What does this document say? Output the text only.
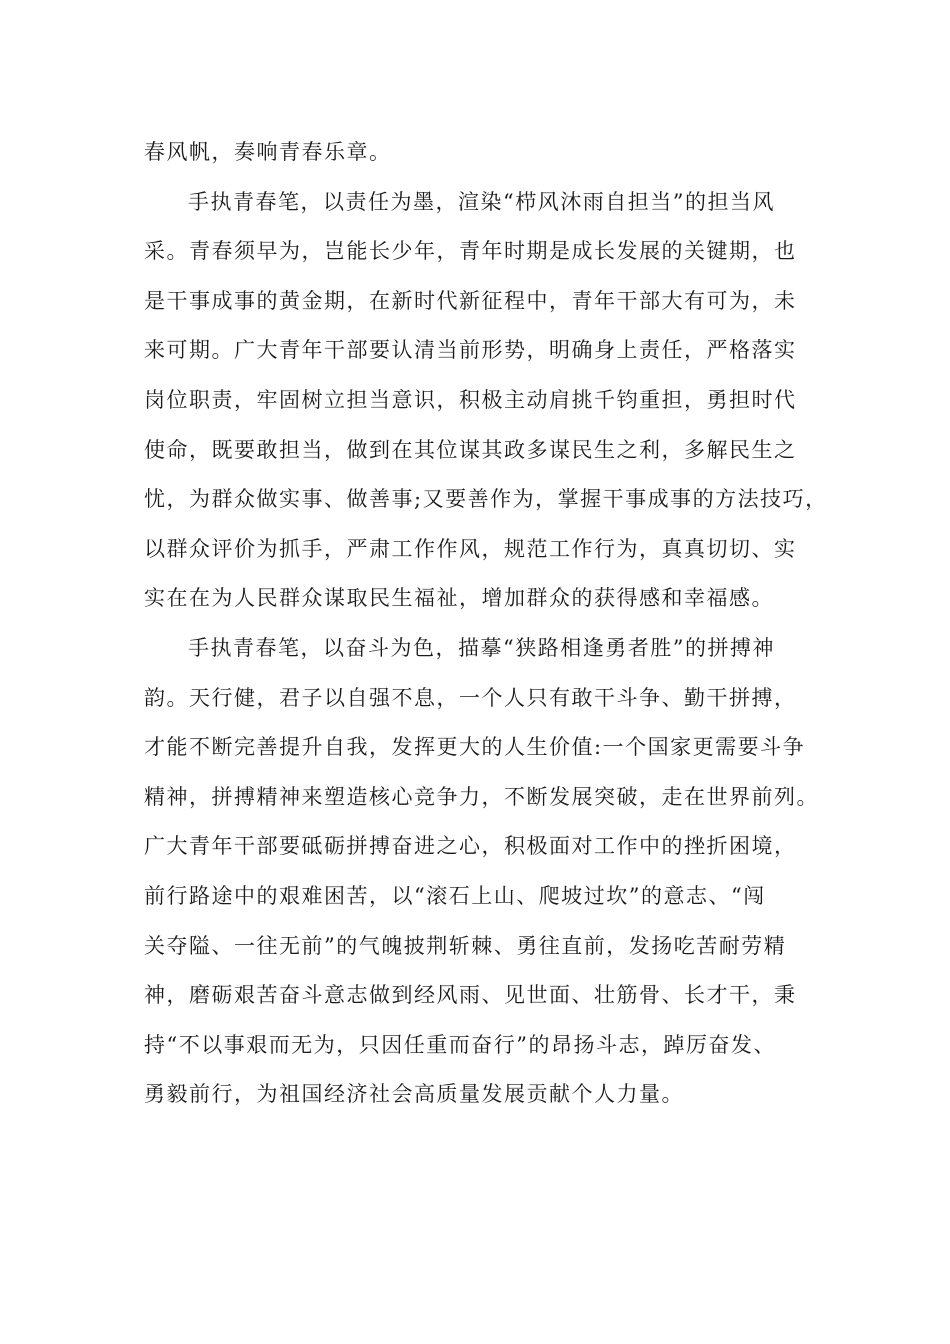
春风帆，奏响青春乐章。
手执青春笔，以责任为墨，渲染“栉风沐雨自担当”的担当风
采。青春须早为，岂能长少年，青年时期是成长发展的关键期，也
是干事成事的黄金期，在新时代新征程中，青年干部大有可为，未
来可期。广大青年干部要认清当前形势，明确身上责任，严格落实
岗位职责，牢固树立担当意识，积极主动肩挑千钧重担，勇担时代
使命，既要敢担当，做到在其位谋其政多谋民生之利，多解民生之
忧，为群众做实事、做善事;又要善作为，掌握干事成事的方法技巧，
以群众评价为抓手，严肃工作作风，规范工作行为，真真切切、实
实在在为人民群众谋取民生福祉，增加群众的获得感和幸福感。
手执青春笔，以奋斗为色，描摹“狭路相逢勇者胜”的拼搏神
韵。天行健，君子以自强不息，一个人只有敢干斗争、勤干拼搏，
才能不断完善提升自我，发挥更大的人生价值:一个国家更需要斗争
精神，拼搏精神来塑造核心竞争力，不断发展突破，走在世界前列。
广大青年干部要砥砺拼搏奋进之心，积极面对工作中的挫折困境，
前行路途中的艰难困苦，以“滚石上山、爬坡过坎”的意志、“闯
关夺隘、一往无前”的气魄披荆斩棘、勇往直前，发扬吃苦耐劳精
神，磨砺艰苦奋斗意志做到经风雨、见世面、壮筋骨、长才干，秉
持“不以事艰而无为，只因任重而奋行”的昂扬斗志，踔厉奋发、
勇毅前行，为祖国经济社会高质量发展贡献个人力量。
